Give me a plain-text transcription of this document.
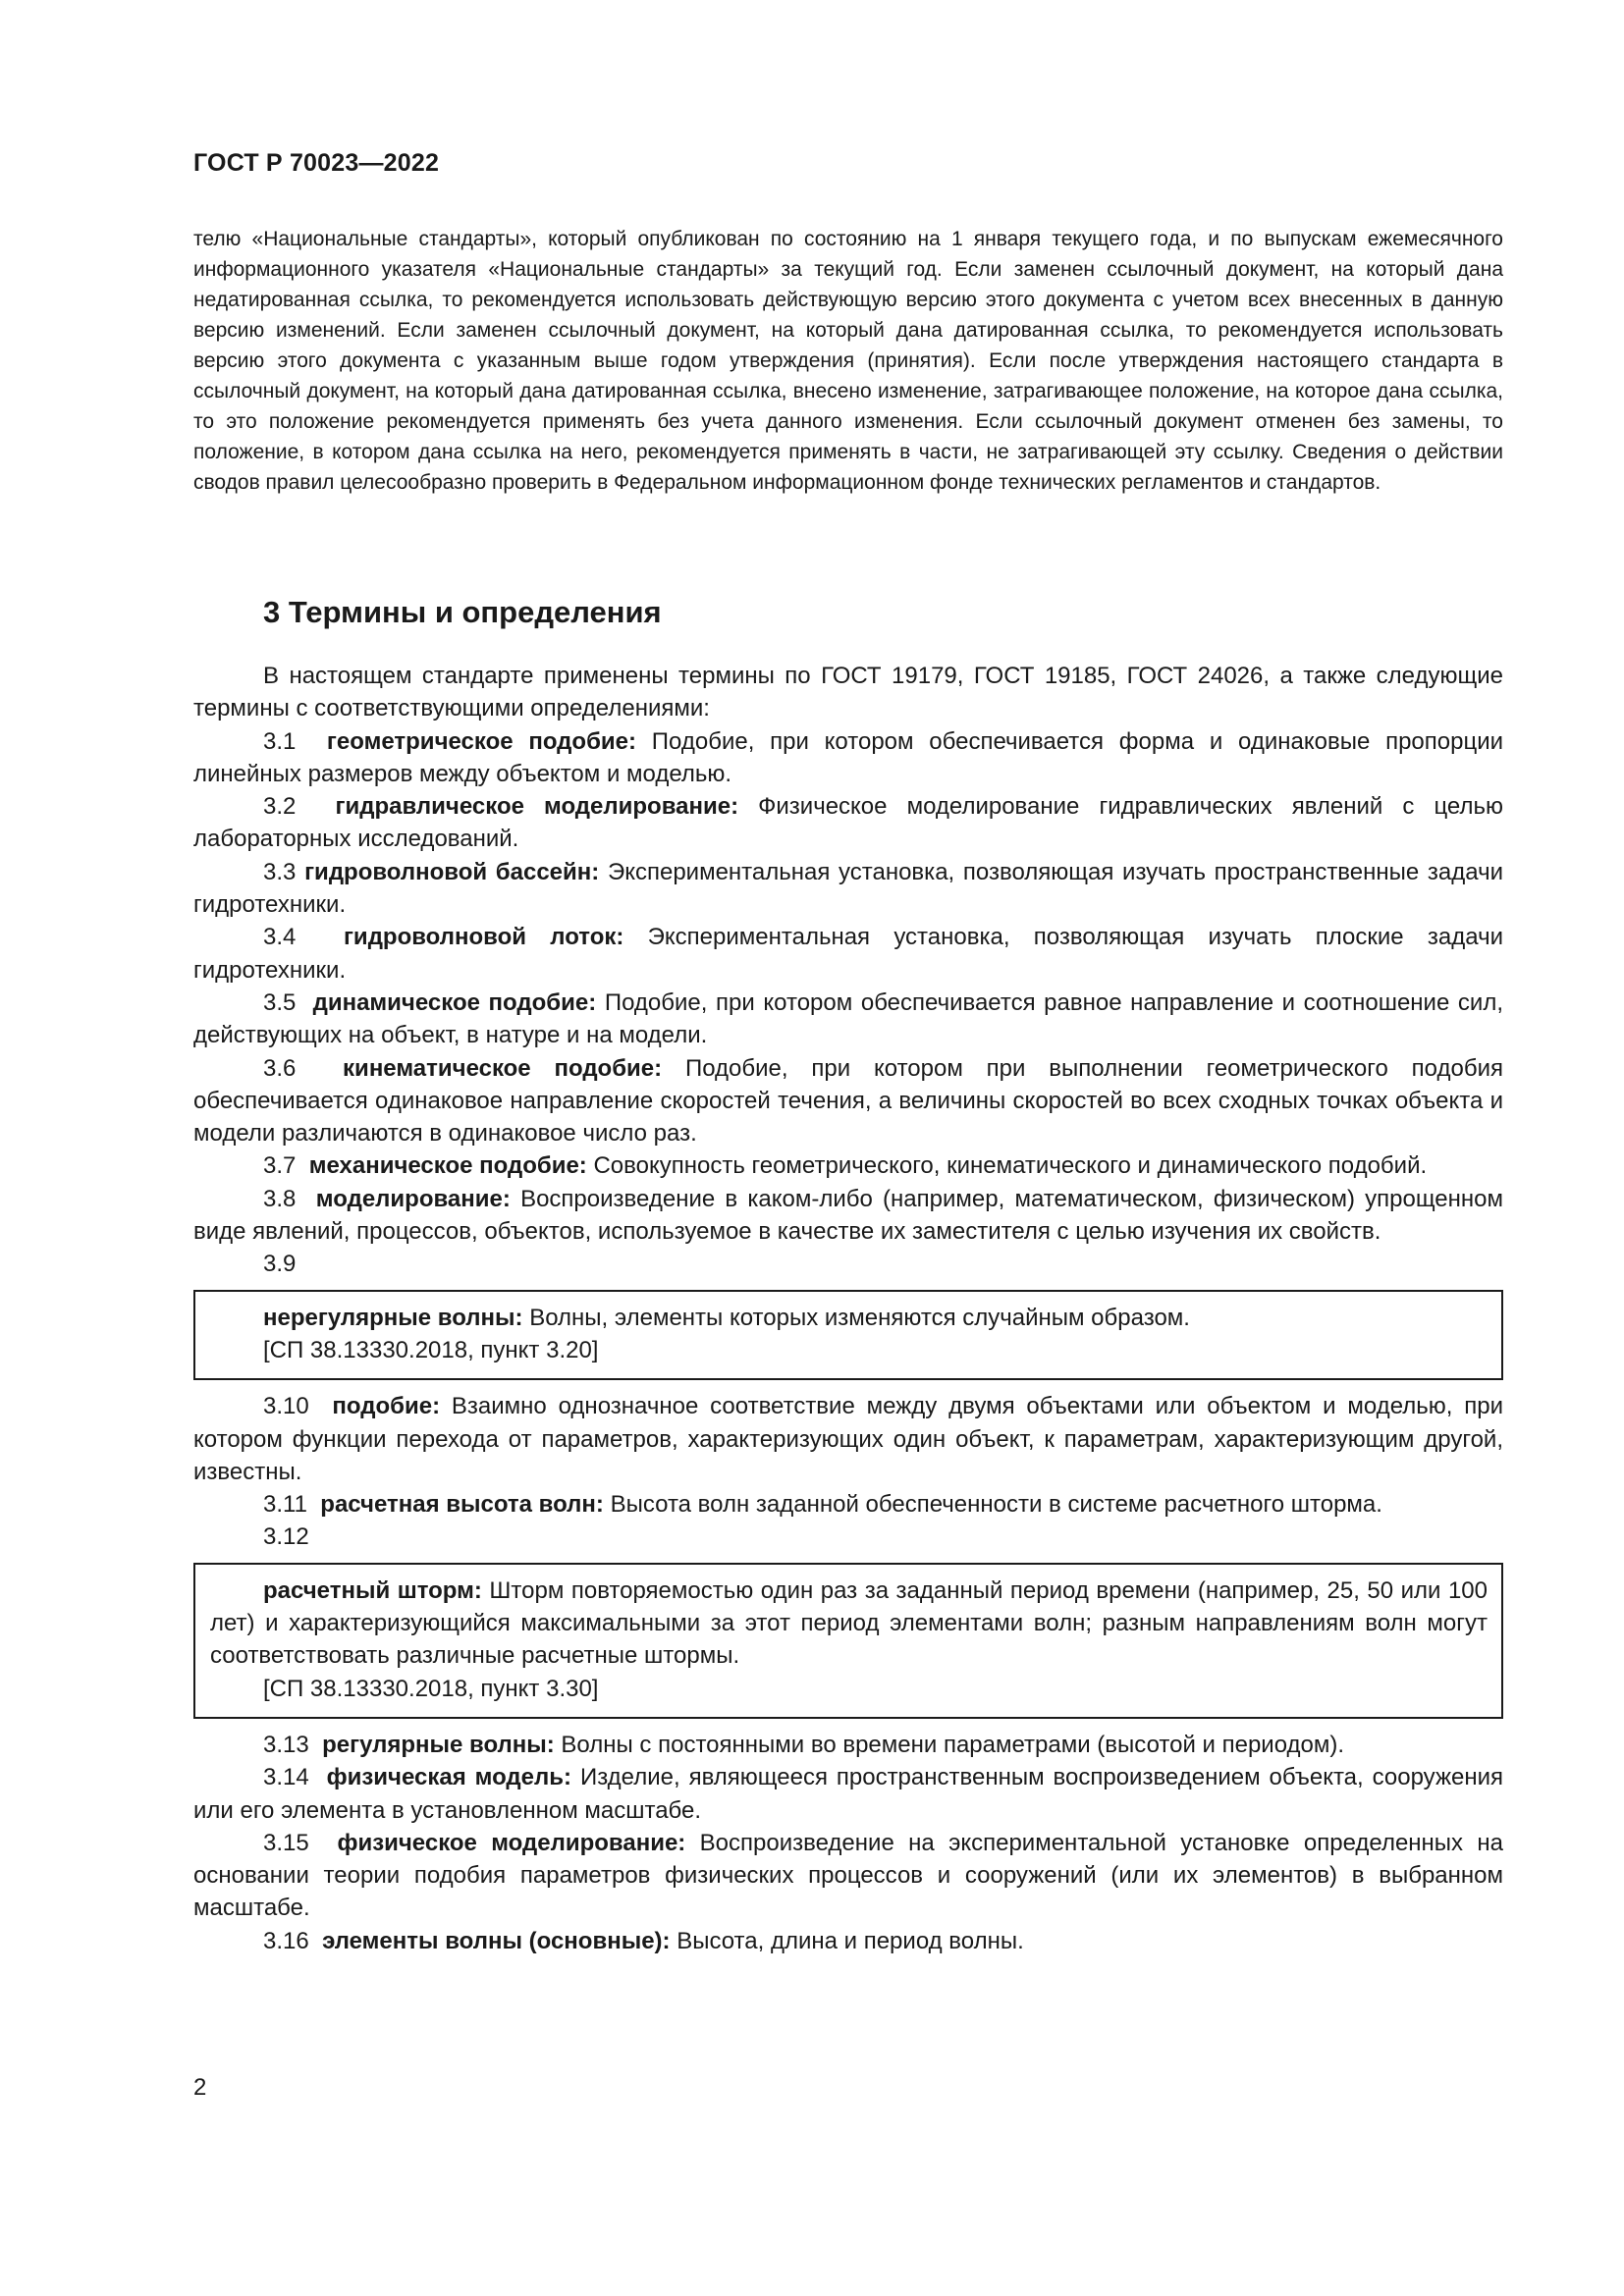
ГОСТ Р 70023—2022
телю «Национальные стандарты», который опубликован по состоянию на 1 января текущего года, и по выпускам ежемесячного информационного указателя «Национальные стандарты» за текущий год. Если заменен ссылочный документ, на который дана недатированная ссылка, то рекомендуется использовать действующую версию этого документа с учетом всех внесенных в данную версию изменений. Если заменен ссылочный документ, на который дана датированная ссылка, то рекомендуется использовать версию этого документа с указанным выше годом утверждения (принятия). Если после утверждения настоящего стандарта в ссылочный документ, на который дана датированная ссылка, внесено изменение, затрагивающее положение, на которое дана ссылка, то это положение рекомендуется применять без учета данного изменения. Если ссылочный документ отменен без замены, то положение, в котором дана ссылка на него, рекомендуется применять в части, не затрагивающей эту ссылку. Сведения о действии сводов правил целесообразно проверить в Федеральном информационном фонде технических регламентов и стандартов.
3 Термины и определения

В настоящем стандарте применены термины по ГОСТ 19179, ГОСТ 19185, ГОСТ 24026, а также следующие термины с соответствующими определениями:

3.1 геометрическое подобие: Подобие, при котором обеспечивается форма и одинаковые пропорции линейных размеров между объектом и моделью.

3.2 гидравлическое моделирование: Физическое моделирование гидравлических явлений с целью лабораторных исследований.

3.3 гидроволновой бассейн: Экспериментальная установка, позволяющая изучать пространственные задачи гидротехники.

3.4 гидроволновой лоток: Экспериментальная установка, позволяющая изучать плоские задачи гидротехники.

3.5 динамическое подобие: Подобие, при котором обеспечивается равное направление и соотношение сил, действующих на объект, в натуре и на модели.

3.6 кинематическое подобие: Подобие, при котором при выполнении геометрического подобия обеспечивается одинаковое направление скоростей течения, а величины скоростей во всех сходных точках объекта и модели различаются в одинаковое число раз.

3.7 механическое подобие: Совокупность геометрического, кинематического и динамического подобий.

3.8 моделирование: Воспроизведение в каком-либо (например, математическом, физическом) упрощенном виде явлений, процессов, объектов, используемое в качестве их заместителя с целью изучения их свойств.

3.9

нерегулярные волны: Волны, элементы которых изменяются случайным образом.

[СП 38.13330.2018, пункт 3.20]

3.10 подобие: Взаимно однозначное соответствие между двумя объектами или объектом и моделью, при котором функции перехода от параметров, характеризующих один объект, к параметрам, характеризующим другой, известны.

3.11 расчетная высота волн: Высота волн заданной обеспеченности в системе расчетного шторма.

3.12

расчетный шторм: Шторм повторяемостью один раз за заданный период времени (например, 25, 50 или 100 лет) и характеризующийся максимальными за этот период элементами волн; разным направлениям волн могут соответствовать различные расчетные штормы.

[СП 38.13330.2018, пункт 3.30]

3.13 регулярные волны: Волны с постоянными во времени параметрами (высотой и периодом).

3.14 физическая модель: Изделие, являющееся пространственным воспроизведением объекта, сооружения или его элемента в установленном масштабе.

3.15 физическое моделирование: Воспроизведение на экспериментальной установке определенных на основании теории подобия параметров физических процессов и сооружений (или их элементов) в выбранном масштабе.

3.16 элементы волны (основные): Высота, длина и период волны.

2
